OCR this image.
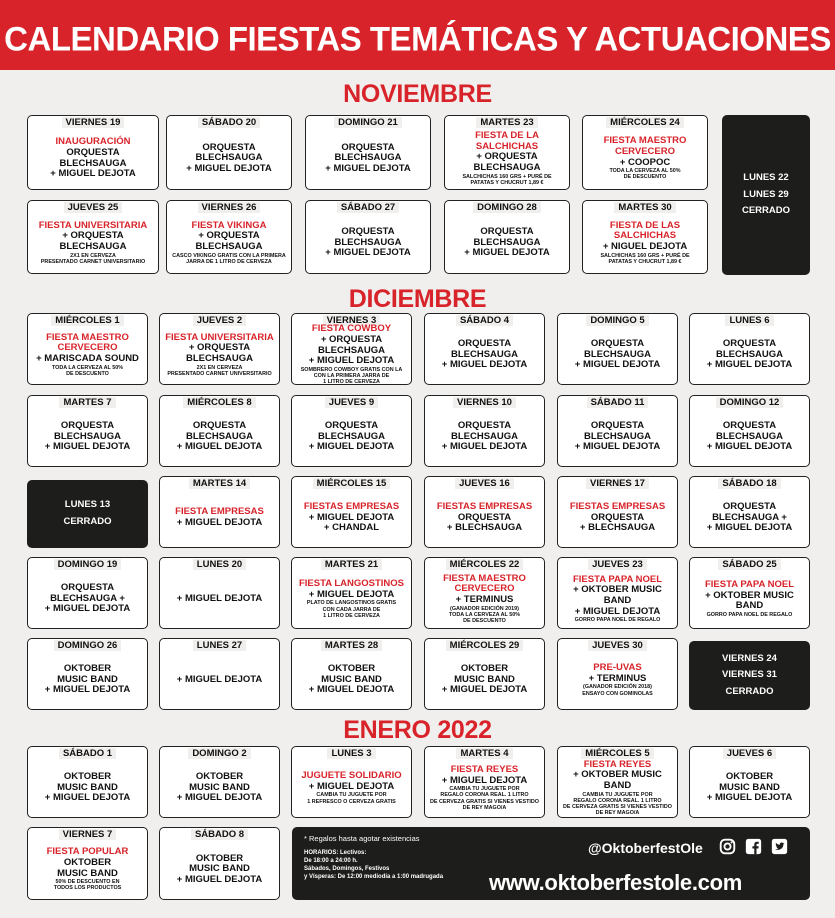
CALENDARIO FIESTAS TEMÁTICAS Y ACTUACIONES
NOVIEMBRE
DICIEMBRE
ENERO 2022
VIERNES 19
INAUGURACIÓN
ORQUESTA
BLECHSAUGA
+ MIGUEL DEJOTA
SÁBADO 20
ORQUESTA
BLECHSAUGA
+ MIGUEL DEJOTA
DOMINGO 21
ORQUESTA
BLECHSAUGA
+ MIGUEL DEJOTA
MARTES 23
FIESTA DE LA
SALCHICHAS
+ ORQUESTA
BLECHSAUGA
SALCHICHAS 160 GRS + PURÉ DE
PATATAS Y CHUCRUT 1,89 €
MIÉRCOLES 24
FIESTA MAESTRO
CERVECERO
+ COOPOC
TODA LA CERVEZA AL 50%
DE DESCUENTO
JUEVES 25
FIESTA UNIVERSITARIA
+ ORQUESTA
BLECHSAUGA
2X1 EN CERVEZA
PRESENTADO CARNET UNIVERSITARIO
VIERNES 26
FIESTA VIKINGA
+ ORQUESTA
BLECHSAUGA
CASCO VIKINGO GRATIS CON LA PRIMERA
JARRA DE 1 LITRO DE CERVEZA
SÁBADO 27
ORQUESTA
BLECHSAUGA
+ MIGUEL DEJOTA
DOMINGO 28
ORQUESTA
BLECHSAUGA
+ MIGUEL DEJOTA
MARTES 30
FIESTA DE LAS
SALCHICHAS
+ NIGUEL DEJOTA
SALCHICHAS 160 GRS + PURÉ DE
PATATAS Y CHUCRUT 1,89 €
MIÉRCOLES 1
FIESTA MAESTRO
CERVECERO
+ MARISCADA SOUND
TODA LA CERVEZA AL 50%
DE DESCUENTO
JUEVES 2
FIESTA UNIVERSITARIA
+ ORQUESTA
BLECHSAUGA
2X1 EN CERVEZA
PRESENTADO CARNET UNIVERSITARIO
VIERNES 3
FIESTA COWBOY
+ ORQUESTA BLECHSAUGA
+ MIGUEL DEJOTA
SOMBRERO COWBOY GRATIS CON LA
CON LA PRIMERA JARRA DE
1 LITRO DE CERVEZA
SÁBADO 4
ORQUESTA
BLECHSAUGA
+ MIGUEL DEJOTA
DOMINGO 5
ORQUESTA
BLECHSAUGA
+ MIGUEL DEJOTA
LUNES 6
ORQUESTA
BLECHSAUGA
+ MIGUEL DEJOTA
MARTES 7
ORQUESTA
BLECHSAUGA
+ MIGUEL DEJOTA
MIÉRCOLES 8
ORQUESTA
BLECHSAUGA
+ MIGUEL DEJOTA
JUEVES 9
ORQUESTA
BLECHSAUGA
+ MIGUEL DEJOTA
VIERNES 10
ORQUESTA
BLECHSAUGA
+ MIGUEL DEJOTA
SÁBADO 11
ORQUESTA
BLECHSAUGA
+ MIGUEL DEJOTA
DOMINGO 12
ORQUESTA
BLECHSAUGA
+ MIGUEL DEJOTA
MARTES 14
FIESTA EMPRESAS
+ MIGUEL DEJOTA
MIÉRCOLES 15
FIESTAS EMPRESAS
+ MIGUEL DEJOTA
+ CHANDAL
JUEVES 16
FIESTAS EMPRESAS
ORQUESTA
+ BLECHSAUGA
VIERNES 17
FIESTAS EMPRESAS
ORQUESTA
+ BLECHSAUGA
SÁBADO 18
ORQUESTA
BLECHSAUGA +
+ MIGUEL DEJOTA
DOMINGO 19
ORQUESTA
BLECHSAUGA +
+ MIGUEL DEJOTA
LUNES 20
+ MIGUEL DEJOTA
MARTES 21
FIESTA LANGOSTINOS
+ MIGUEL DEJOTA
PLATO DE LANGOSTINOS GRATIS
CON CADA JARRA DE
1 LITRO DE CERVEZA
MIÉRCOLES 22
FIESTA MAESTRO
CERVECERO
+ TERMINUS
(GANADOR EDICIÓN 2019)
TODA LA CERVEZA AL 50%
DE DESCUENTO
JUEVES 23
FIESTA PAPA NOEL
+ OKTOBER MUSIC BAND
+ MIGUEL DEJOTA
GORRO PAPA NOEL DE REGALO
SÁBADO 25
FIESTA PAPA NOEL
+ OKTOBER MUSIC BAND
GORRO PAPA NOEL DE REGALO
DOMINGO 26
OKTOBER
MUSIC BAND
+ MIGUEL DEJOTA
LUNES 27
+ MIGUEL DEJOTA
MARTES 28
OKTOBER
MUSIC BAND
+ MIGUEL DEJOTA
MIÉRCOLES 29
OKTOBER
MUSIC BAND
+ MIGUEL DEJOTA
JUEVES 30
PRE-UVAS
+ TERMINUS
(GANADOR EDICIÓN 2018)
ENSAYO CON GOMINOLAS
SÁBADO 1
OKTOBER
MUSIC BAND
+ MIGUEL DEJOTA
DOMINGO 2
OKTOBER
MUSIC BAND
+ MIGUEL DEJOTA
LUNES 3
JUGUETE SOLIDARIO
+ MIGUEL DEJOTA
CAMBIA TU JUGUETE POR
1 REFRESCO O CERVEZA GRATIS
MARTES 4
FIESTA REYES
+ MIGUEL DEJOTA
CAMBIA TU JUGUETE POR
REGALO CORONA REAL. 1 LITRO
DE CERVEZA GRATIS SI VIENES VESTIDO
DE REY MAGO/A
MIÉRCOLES 5
FIESTA REYES
+ OKTOBER MUSIC BAND
CAMBIA TU JUGUETE POR
REGALO CORONA REAL. 1 LITRO
DE CERVEZA GRATIS SI VIENES VESTIDO
DE REY MAGO/A
JUEVES 6
OKTOBER
MUSIC BAND
+ MIGUEL DEJOTA
VIERNES 7
FIESTA POPULAR
OKTOBER
MUSIC BAND
50% DE DESCUENTO EN
TODOS LOS PRODUCTOS
SÁBADO 8
OKTOBER
MUSIC BAND
+ MIGUEL DEJOTA
LUNES 22
LUNES 29
CERRADO
LUNES 13
CERRADO
VIERNES 24
VIERNES 31
CERRADO
* Regalos hasta agotar existencias
HORARIOS: Lectivos:
De 18:00 a 24:00 h.
Sábados, Domingos, Festivos
y Vísperas: De 12:00 mediodía a 1:00 madrugada
@OktoberfestOle
www.oktoberfestole.com
